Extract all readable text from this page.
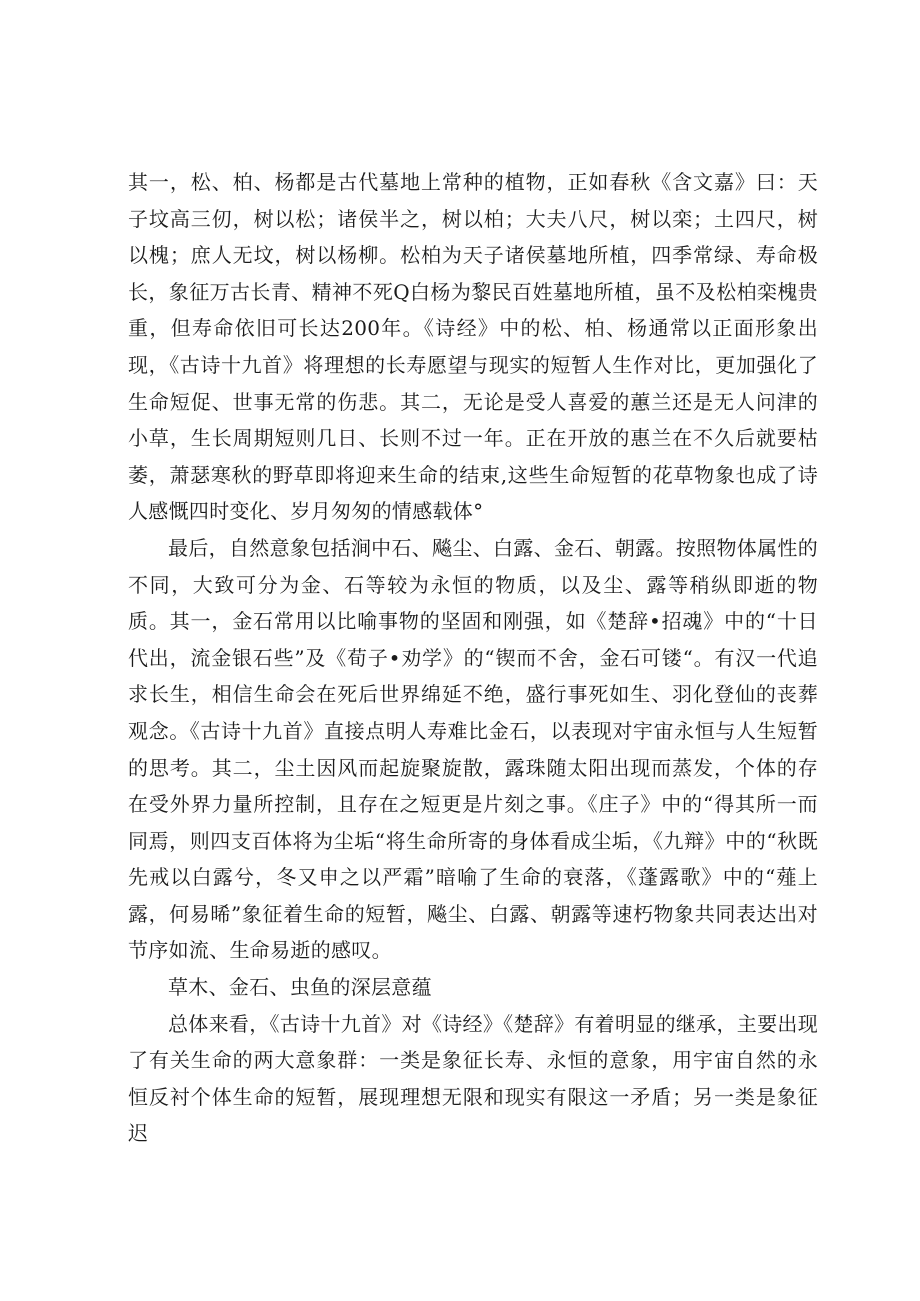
其一，松、柏、杨都是古代墓地上常种的植物，正如春秋《含文嘉》曰：天子坟高三仞，树以松；诸侯半之，树以柏；大夫八尺，树以栾；土四尺，树以槐；庶人无坟，树以杨柳。松柏为天子诸侯墓地所植，四季常绿、寿命极长，象征万古长青、精神不死Q白杨为黎民百姓墓地所植，虽不及松柏栾槐贵重，但寿命依旧可长达200年。《诗经》中的松、柏、杨通常以正面形象出现，《古诗十九首》将理想的长寿愿望与现实的短暂人生作对比，更加强化了生命短促、世事无常的伤悲。其二，无论是受人喜爱的蕙兰还是无人问津的小草，生长周期短则几日、长则不过一年。正在开放的惠兰在不久后就要枯萎，萧瑟寒秋的野草即将迎来生命的结束,这些生命短暂的花草物象也成了诗人感慨四时变化、岁月匆匆的情感载体°

最后，自然意象包括涧中石、飚尘、白露、金石、朝露。按照物体属性的不同，大致可分为金、石等较为永恒的物质，以及尘、露等稍纵即逝的物质。其一，金石常用以比喻事物的坚固和刚强，如《楚辞•招魂》中的“十日代出，流金银石些”及《荀子•劝学》的“锲而不舍，金石可镂“。有汉一代追求长生，相信生命会在死后世界绵延不绝，盛行事死如生、羽化登仙的丧葬观念。《古诗十九首》直接点明人寿难比金石，以表现对宇宙永恒与人生短暂的思考。其二，尘土因风而起旋聚旋散，露珠随太阳出现而蒸发，个体的存在受外界力量所控制，且存在之短更是片刻之事。《庄子》中的“得其所一而同焉，则四支百体将为尘垢“将生命所寄的身体看成尘垢，《九辩》中的“秋既先戒以白露兮，冬又申之以严霜”暗喻了生命的衰落，《蓬露歌》中的“薤上露，何易晞”象征着生命的短暂，飚尘、白露、朝露等速朽物象共同表达出对节序如流、生命易逝的感叹。

草木、金石、虫鱼的深层意蕴

总体来看，《古诗十九首》对《诗经》《楚辞》有着明显的继承，主要出现了有关生命的两大意象群：一类是象征长寿、永恒的意象，用宇宙自然的永恒反衬个体生命的短暂，展现理想无限和现实有限这一矛盾；另一类是象征迟
